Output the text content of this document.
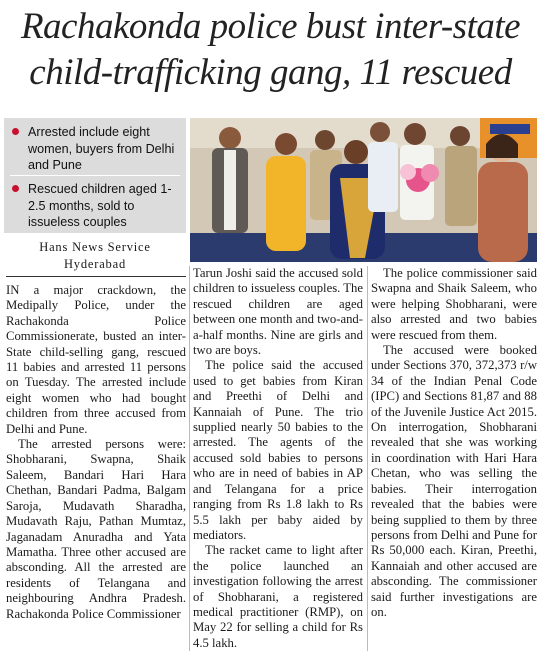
Rachakonda police bust inter-state
child-trafficking gang, 11 rescued
Arrested include eight women, buyers from Delhi and Pune
Rescued children aged 1-2.5 months, sold to issueless couples
Hans News Service
Hyderabad

IN a major crackdown, the Medipally Police, under the Rachakonda Police Commissionerate, busted an inter-State child-selling gang, rescued 11 babies and arrested 11 persons on Tuesday. The arrested include eight women who had bought children from three accused from Delhi and Pune.

The arrested persons were: Shobharani, Swapna, Shaik Saleem, Bandari Hari Hara Chethan, Bandari Padma, Balgam Saroja, Mudavath Sharadha, Mudavath Raju, Pathan Mumtaz, Jaganadam Anuradha and Yata Mamatha. Three other accused are absconding. All the arrested are residents of Telangana and neighbouring Andhra Pradesh. Rachakonda Police Commissioner

Tarun Joshi said the accused sold children to issueless couples. The rescued children are aged between one month and two-and-a-half months. Nine are girls and two are boys.

The police said the accused used to get babies from Kiran and Preethi of Delhi and Kannaiah of Pune. The trio supplied nearly 50 babies to the arrested. The agents of the accused sold babies to persons who are in need of babies in AP and Telangana for a price ranging from Rs 1.8 lakh to Rs 5.5 lakh per baby aided by mediators.

The racket came to light after the police launched an investigation following the arrest of Shobharani, a registered medical practitioner (RMP), on May 22 for selling a child for Rs 4.5 lakh.

The police commissioner said Swapna and Shaik Saleem, who were helping Shobharani, were also arrested and two babies were rescued from them.

The accused were booked under Sections 370, 372,373 r/w 34 of the Indian Penal Code (IPC) and Sections 81,87 and 88 of the Juvenile Justice Act 2015. On interrogation, Shobharani revealed that she was working in coordination with Hari Hara Chetan, who was selling the babies. Their interrogation revealed that the babies were being supplied to them by three persons from Delhi and Pune for Rs 50,000 each. Kiran, Preethi, Kannaiah and other accused are absconding. The commissioner said further investigations are on.
